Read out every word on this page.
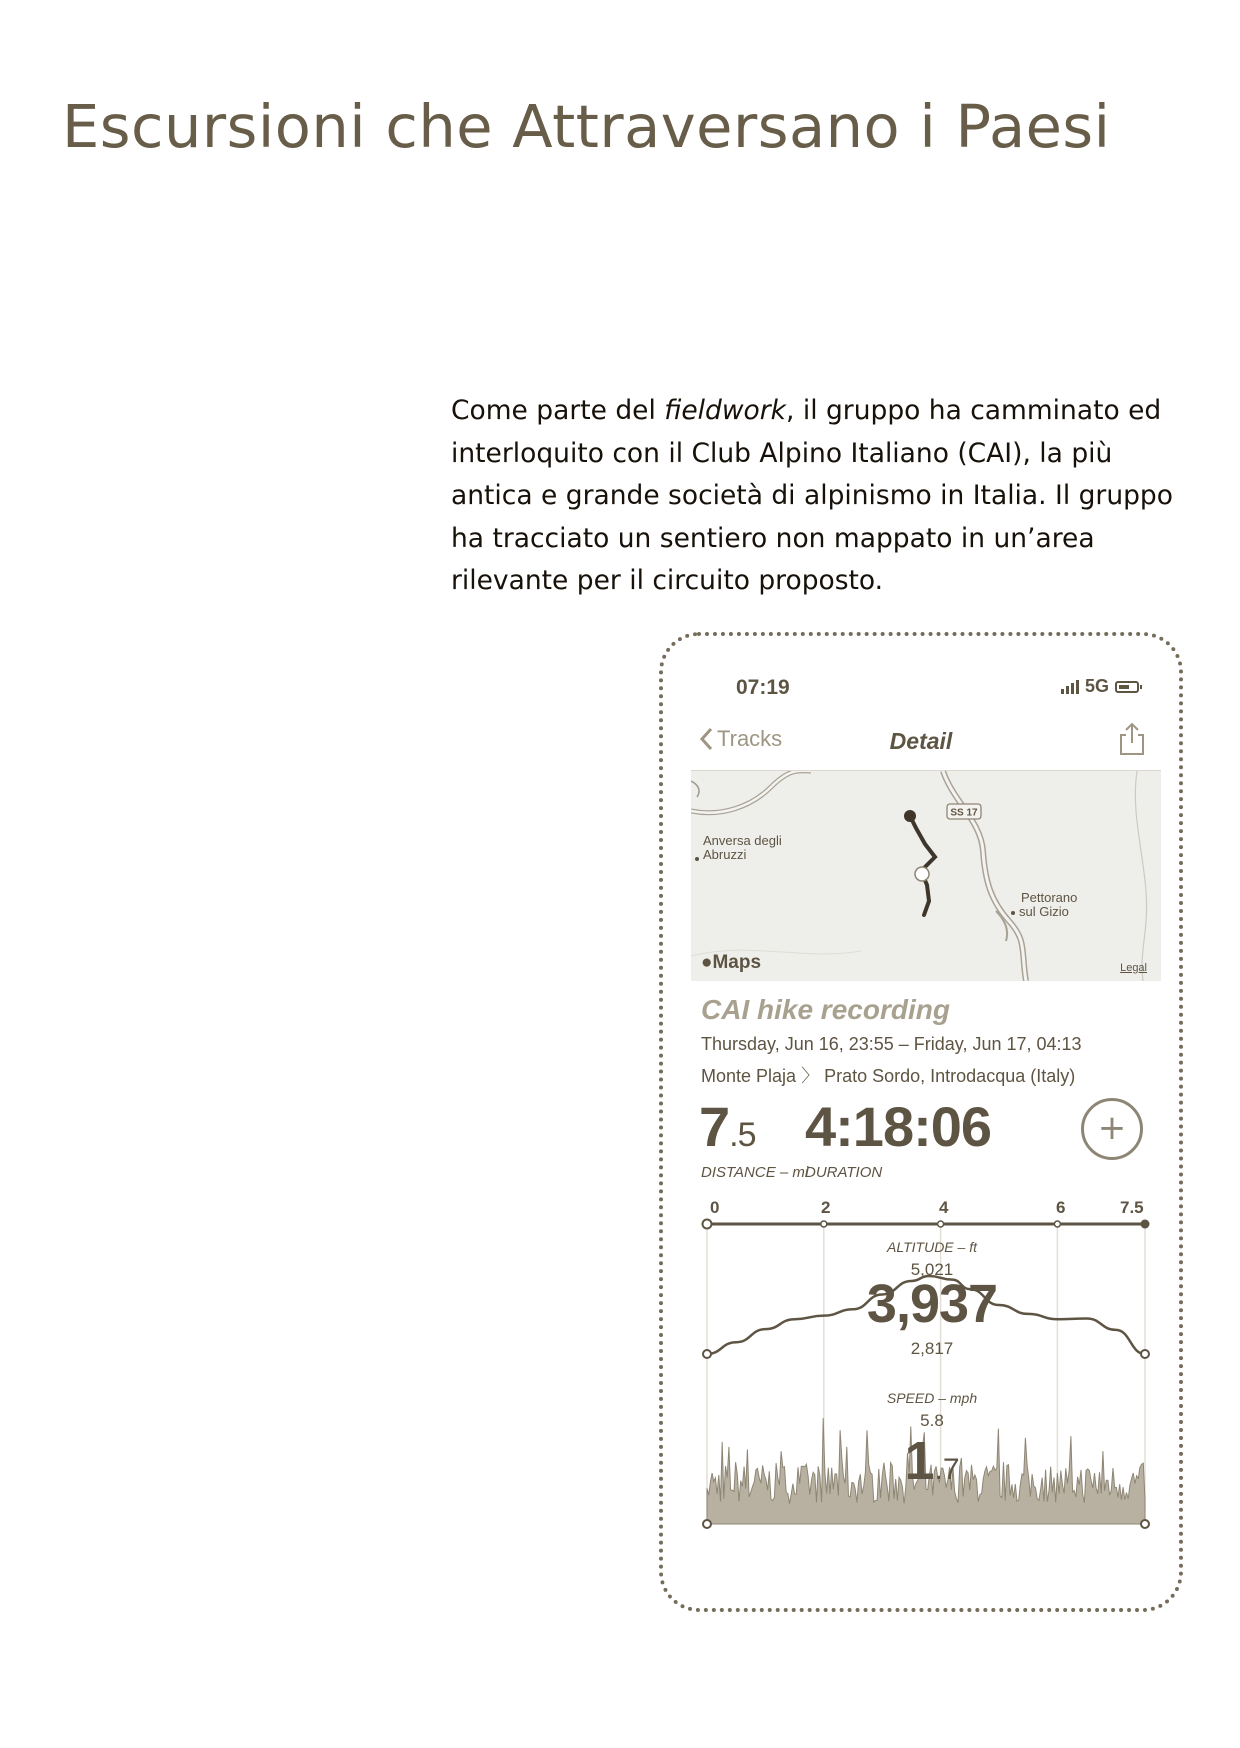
Escursioni che Attraversano i Paesi

Come parte del fieldwork, il gruppo ha camminato ed interloquito con il Club Alpino Italiano (CAI), la più antica e grande società di alpinismo in Italia. Il gruppo ha tracciato un sentiero non mappato in un’area rilevante per il circuito proposto.

07:19	5G
Tracks	Detail
SS 17
Anversa degli
Abruzzi
Pettorano
sul Gizio
●Maps	Legal
CAI hike recording
Thursday, Jun 16, 23:55 – Friday, Jun 17, 04:13
Monte Plaja 〉 Prato Sordo, Introdacqua (Italy)
7.5 4:18:06
DISTANCE – mi
DURATION
+
0	2	4	6	7.5
ALTITUDE – ft
5,021
3,937
2,817
SPEED – mph
5.8
1.7
